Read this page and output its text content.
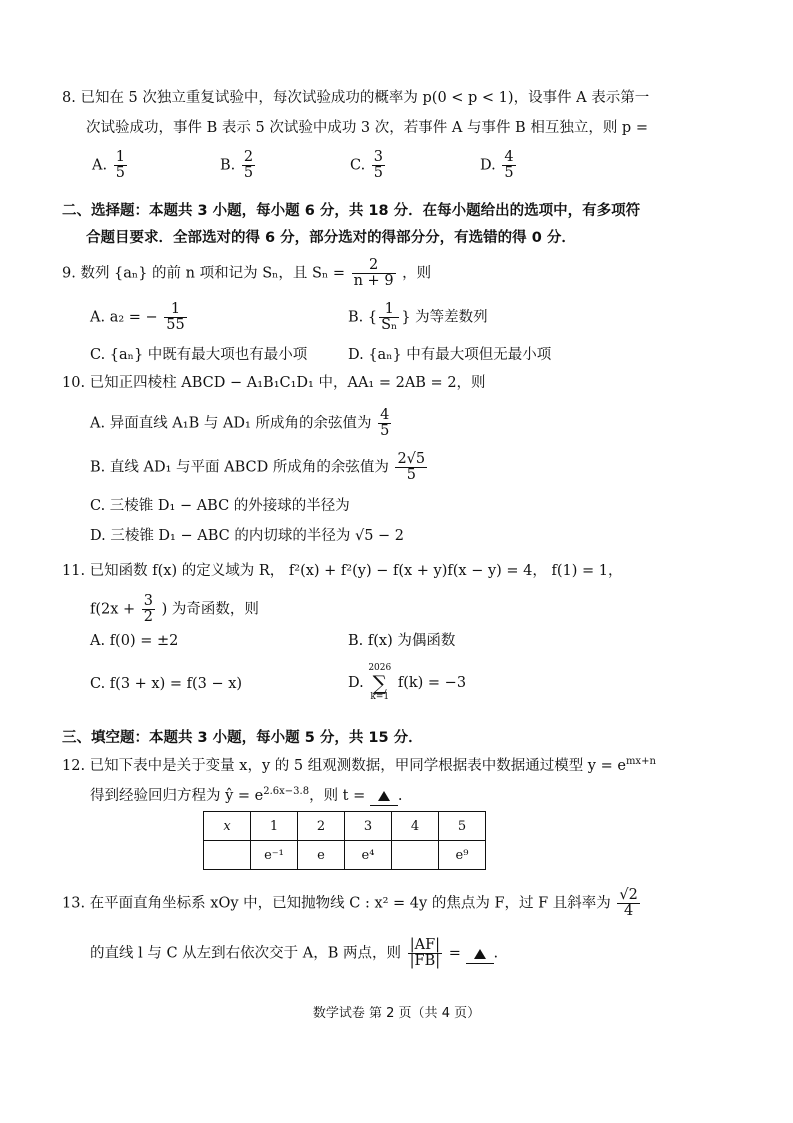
8. 已知在 5 次独立重复试验中，每次试验成功的概率为 p(0 < p < 1)，设事件 A 表示第一
次试验成功，事件 B 表示 5 次试验中成功 3 次，若事件 A 与事件 B 相互独立，则 p =
A. $\frac{1}{5}$	B. $\frac{2}{5}$	C. $\frac{3}{5}$	D. $\frac{4}{5}$
二、选择题：本题共 3 小题，每小题 6 分，共 18 分．在每小题给出的选项中，有多项符
合题目要求．全部选对的得 6 分，部分选对的得部分分，有选错的得 0 分．
9. 数列 {aₙ} 的前 n 项和记为 Sₙ，且 $S_n = \frac{2}{n + 9}$ ，则
A. a₂ = − $\frac{1}{55}$	B. { $\frac{1}{\text{Sₙ}}$ } 为等差数列
C. {aₙ} 中既有最大项也有最小项	D. {aₙ} 中有最大项但无最小项
10. 已知正四棱柱 ABCD − A₁B₁C₁D₁ 中，AA₁ = 2AB = 2，则
A. 异面直线 A₁B 与 AD₁ 所成角的余弦值为 $\frac{4}{5}$
B. 直线 AD₁ 与平面 ABCD 所成角的余弦值为 $\frac{2√5}{5}$
C. 三棱锥 D₁ − ABC 的外接球的半径为
D. 三棱锥 D₁ − ABC 的内切球的半径为 √5 − 2
11. 已知函数 f(x) 的定义域为 R， f²(x) + f²(y) − f(x + y)f(x − y) = 4， f(1) = 1，
$f(2x + \frac{3}{2}$ ) 为奇函数，则
A. f(0) = ±2	B. f(x) 为偶函数
C. f(3 + x) = f(3 − x)	D.
2026
∑
k=1
f(k) = −3
三、填空题：本题共 3 小题，每小题 5 分，共 15 分．
12. 已知下表中是关于变量 x，y 的 5 组观测数据，甲同学根据表中数据通过模型 $y = e^{mx+n}$
得到经验回归方程为 ŷ = $e^{2.6x-3.8}$，则 t = .
x	1	2	3	4	5
	e⁻¹	e	e⁴		e⁹
13. 在平面直角坐标系 xOy 中，已知抛物线 C : x² = 4y 的焦点为 F，过 F 且斜率为 $\frac{√2}{4}$
的直线 l 与 C 从左到右依次交于 A，B 两点，则 $\frac{|AF|}{|FB|}$ = .
数学试卷 第 2 页（共 4 页）
